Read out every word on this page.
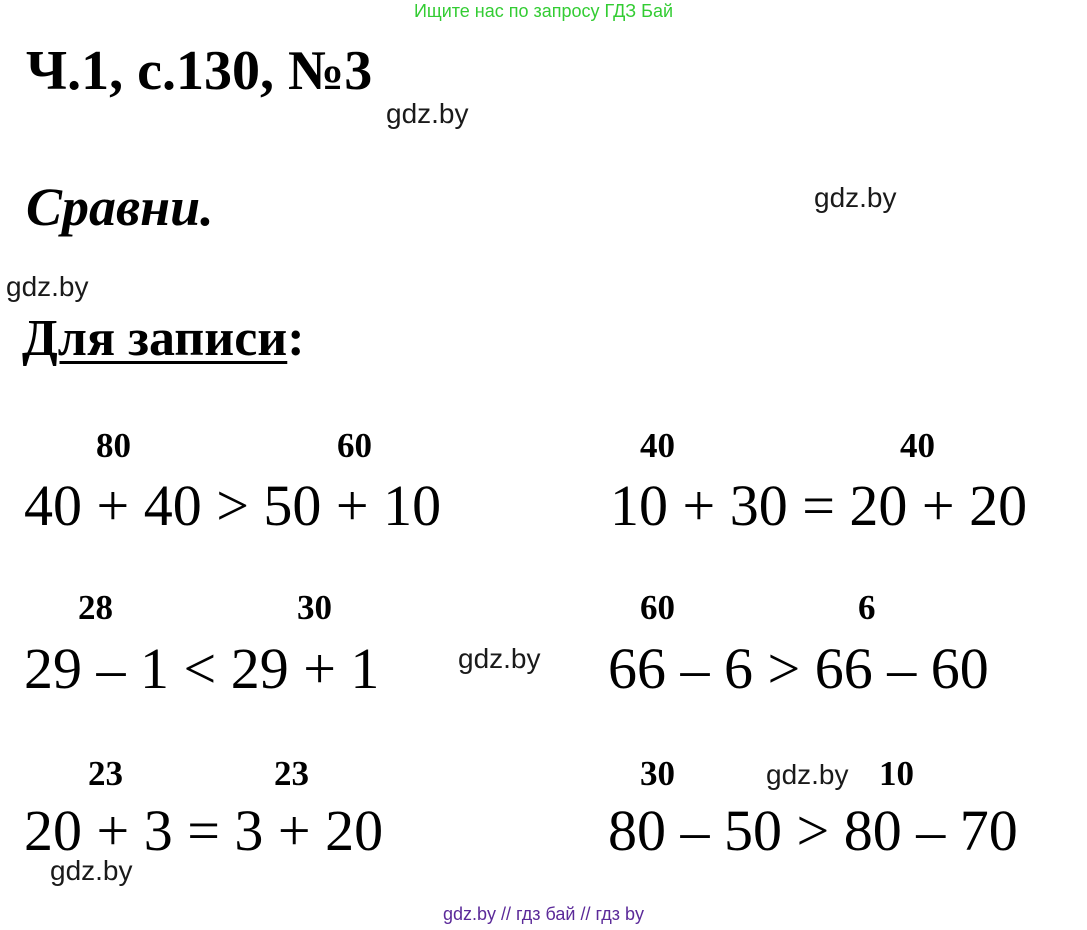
Ищите нас по запросу ГДЗ Бай
Ч.1, с.130, №3
Сравни.
Для записи:
gdz.by
gdz.by
gdz.by
gdz.by
gdz.by
gdz.by
80	60
40 + 40 > 50 + 10
40	40
10 + 30 = 20 + 20
28	30
29 – 1 < 29 + 1
60	6
66 – 6 > 66 – 60
23	23
20 + 3 = 3 + 20
30	10
80 – 50 > 80 – 70
gdz.by // гдз бай // гдз by
